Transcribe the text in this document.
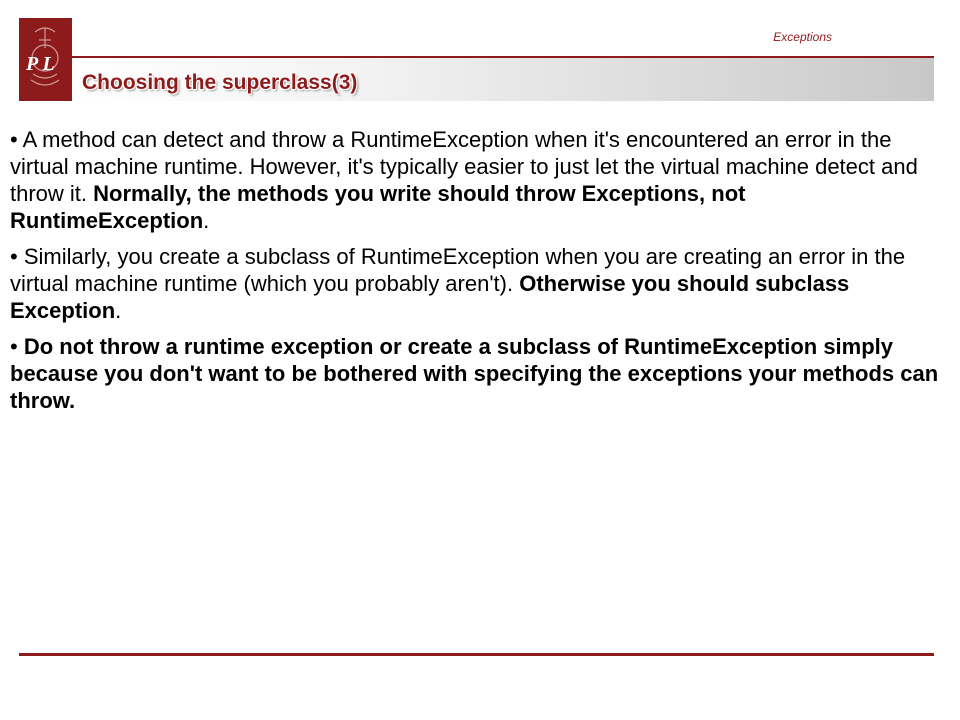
P L
Exceptions
Choosing the superclass(3)

• A method can detect and throw a RuntimeException when it's encountered an error in the virtual machine runtime. However, it's typically easier to just let the virtual machine detect and throw it. Normally, the methods you write should throw Exceptions, not RuntimeException.

• Similarly, you create a subclass of RuntimeException when you are creating an error in the virtual machine runtime (which you probably aren't). Otherwise you should subclass Exception.

• Do not throw a runtime exception or create a subclass of RuntimeException simply because you don't want to be bothered with specifying the exceptions your methods can throw.
